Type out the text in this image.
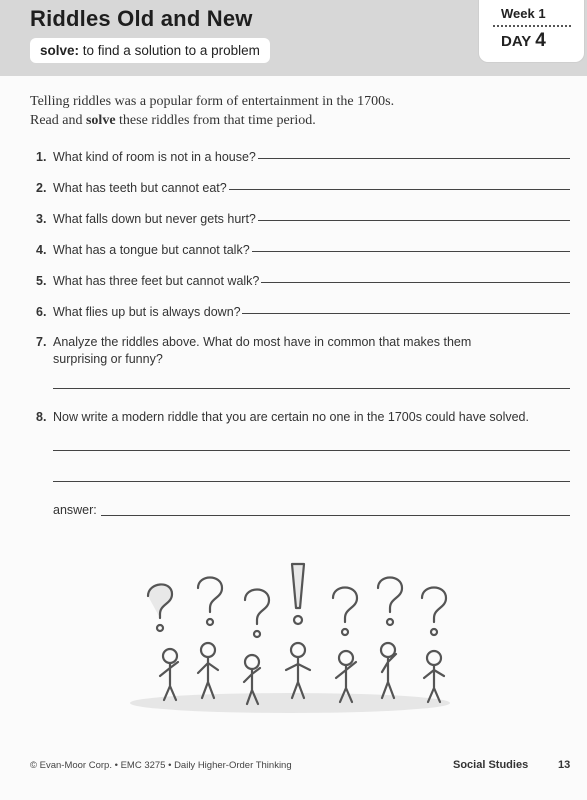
Riddles Old and New
solve: to find a solution to a problem
Week 1
DAY 4
Telling riddles was a popular form of entertainment in the 1700s.
Read and solve these riddles from that time period.
1. What kind of room is not in a house?
2. What has teeth but cannot eat?
3. What falls down but never gets hurt?
4. What has a tongue but cannot talk?
5. What has three feet but cannot walk?
6. What flies up but is always down?
7. Analyze the riddles above. What do most have in common that makes them surprising or funny?
8. Now write a modern riddle that you are certain no one in the 1700s could have solved.
answer:
© Evan-Moor Corp. • EMC 3275 • Daily Higher-Order Thinking	Social Studies	13
